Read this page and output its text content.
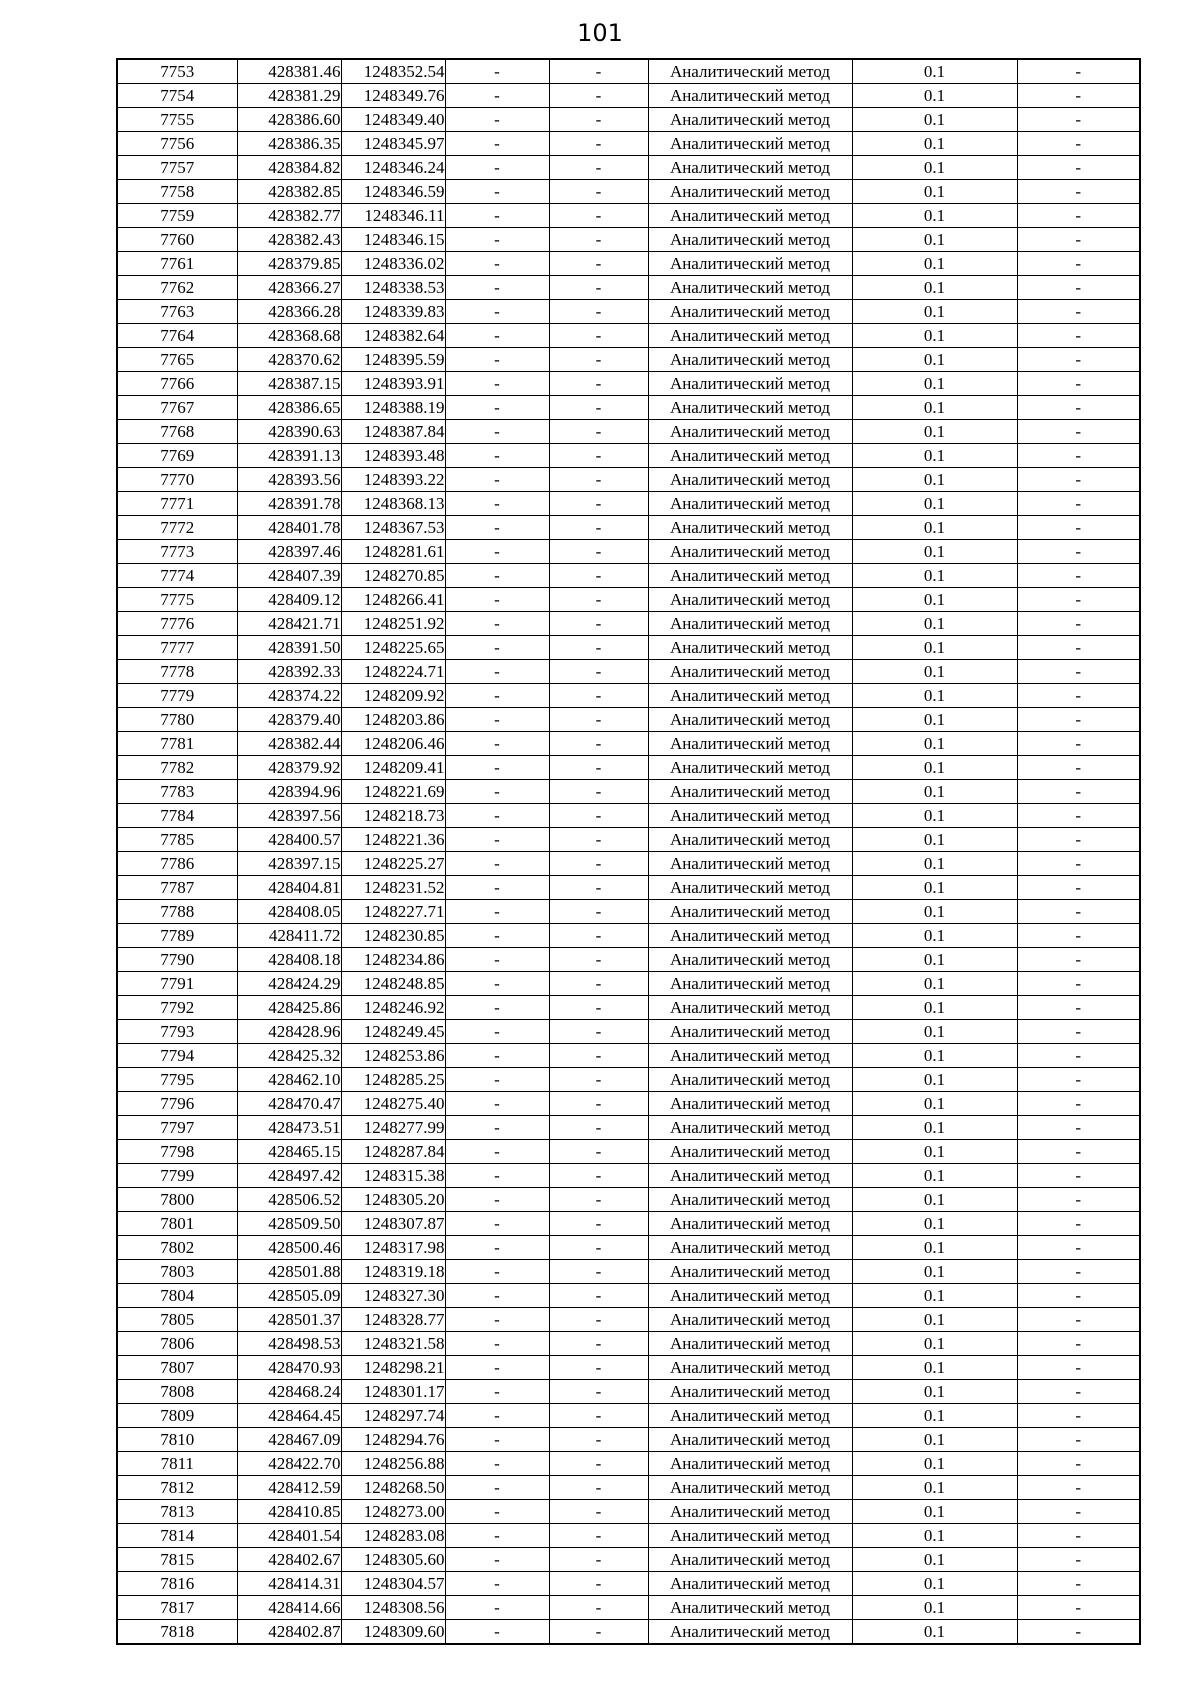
101
7753	428381.46	1248352.54	-	-	Аналитический метод	0.1	-
7754	428381.29	1248349.76	-	-	Аналитический метод	0.1	-
7755	428386.60	1248349.40	-	-	Аналитический метод	0.1	-
7756	428386.35	1248345.97	-	-	Аналитический метод	0.1	-
7757	428384.82	1248346.24	-	-	Аналитический метод	0.1	-
7758	428382.85	1248346.59	-	-	Аналитический метод	0.1	-
7759	428382.77	1248346.11	-	-	Аналитический метод	0.1	-
7760	428382.43	1248346.15	-	-	Аналитический метод	0.1	-
7761	428379.85	1248336.02	-	-	Аналитический метод	0.1	-
7762	428366.27	1248338.53	-	-	Аналитический метод	0.1	-
7763	428366.28	1248339.83	-	-	Аналитический метод	0.1	-
7764	428368.68	1248382.64	-	-	Аналитический метод	0.1	-
7765	428370.62	1248395.59	-	-	Аналитический метод	0.1	-
7766	428387.15	1248393.91	-	-	Аналитический метод	0.1	-
7767	428386.65	1248388.19	-	-	Аналитический метод	0.1	-
7768	428390.63	1248387.84	-	-	Аналитический метод	0.1	-
7769	428391.13	1248393.48	-	-	Аналитический метод	0.1	-
7770	428393.56	1248393.22	-	-	Аналитический метод	0.1	-
7771	428391.78	1248368.13	-	-	Аналитический метод	0.1	-
7772	428401.78	1248367.53	-	-	Аналитический метод	0.1	-
7773	428397.46	1248281.61	-	-	Аналитический метод	0.1	-
7774	428407.39	1248270.85	-	-	Аналитический метод	0.1	-
7775	428409.12	1248266.41	-	-	Аналитический метод	0.1	-
7776	428421.71	1248251.92	-	-	Аналитический метод	0.1	-
7777	428391.50	1248225.65	-	-	Аналитический метод	0.1	-
7778	428392.33	1248224.71	-	-	Аналитический метод	0.1	-
7779	428374.22	1248209.92	-	-	Аналитический метод	0.1	-
7780	428379.40	1248203.86	-	-	Аналитический метод	0.1	-
7781	428382.44	1248206.46	-	-	Аналитический метод	0.1	-
7782	428379.92	1248209.41	-	-	Аналитический метод	0.1	-
7783	428394.96	1248221.69	-	-	Аналитический метод	0.1	-
7784	428397.56	1248218.73	-	-	Аналитический метод	0.1	-
7785	428400.57	1248221.36	-	-	Аналитический метод	0.1	-
7786	428397.15	1248225.27	-	-	Аналитический метод	0.1	-
7787	428404.81	1248231.52	-	-	Аналитический метод	0.1	-
7788	428408.05	1248227.71	-	-	Аналитический метод	0.1	-
7789	428411.72	1248230.85	-	-	Аналитический метод	0.1	-
7790	428408.18	1248234.86	-	-	Аналитический метод	0.1	-
7791	428424.29	1248248.85	-	-	Аналитический метод	0.1	-
7792	428425.86	1248246.92	-	-	Аналитический метод	0.1	-
7793	428428.96	1248249.45	-	-	Аналитический метод	0.1	-
7794	428425.32	1248253.86	-	-	Аналитический метод	0.1	-
7795	428462.10	1248285.25	-	-	Аналитический метод	0.1	-
7796	428470.47	1248275.40	-	-	Аналитический метод	0.1	-
7797	428473.51	1248277.99	-	-	Аналитический метод	0.1	-
7798	428465.15	1248287.84	-	-	Аналитический метод	0.1	-
7799	428497.42	1248315.38	-	-	Аналитический метод	0.1	-
7800	428506.52	1248305.20	-	-	Аналитический метод	0.1	-
7801	428509.50	1248307.87	-	-	Аналитический метод	0.1	-
7802	428500.46	1248317.98	-	-	Аналитический метод	0.1	-
7803	428501.88	1248319.18	-	-	Аналитический метод	0.1	-
7804	428505.09	1248327.30	-	-	Аналитический метод	0.1	-
7805	428501.37	1248328.77	-	-	Аналитический метод	0.1	-
7806	428498.53	1248321.58	-	-	Аналитический метод	0.1	-
7807	428470.93	1248298.21	-	-	Аналитический метод	0.1	-
7808	428468.24	1248301.17	-	-	Аналитический метод	0.1	-
7809	428464.45	1248297.74	-	-	Аналитический метод	0.1	-
7810	428467.09	1248294.76	-	-	Аналитический метод	0.1	-
7811	428422.70	1248256.88	-	-	Аналитический метод	0.1	-
7812	428412.59	1248268.50	-	-	Аналитический метод	0.1	-
7813	428410.85	1248273.00	-	-	Аналитический метод	0.1	-
7814	428401.54	1248283.08	-	-	Аналитический метод	0.1	-
7815	428402.67	1248305.60	-	-	Аналитический метод	0.1	-
7816	428414.31	1248304.57	-	-	Аналитический метод	0.1	-
7817	428414.66	1248308.56	-	-	Аналитический метод	0.1	-
7818	428402.87	1248309.60	-	-	Аналитический метод	0.1	-
